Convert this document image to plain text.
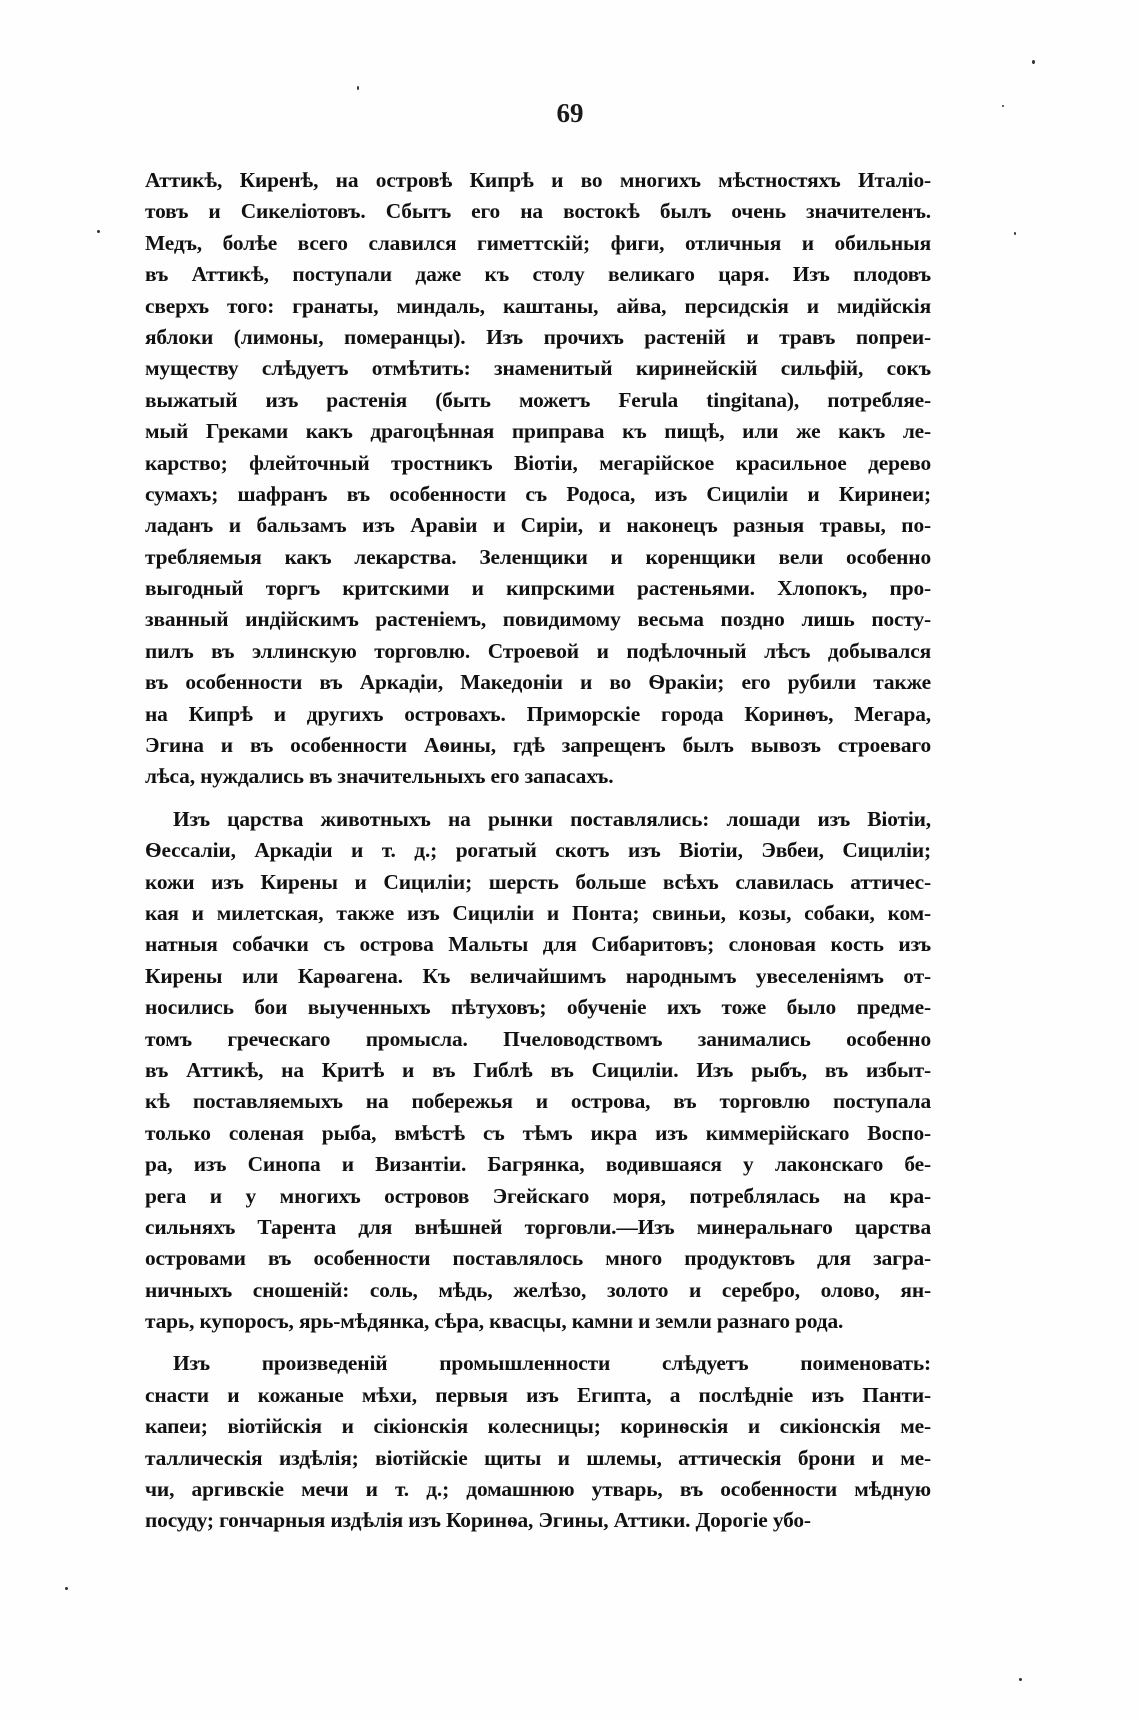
69
Аттикѣ, Киренѣ, на островѣ Кипрѣ и во многихъ мѣстностяхъ Италіо-
товъ и Сикеліотовъ. Сбытъ его на востокѣ былъ очень значителенъ.
Медъ, болѣе всего славился гиметтскій; фиги, отличныя и обильныя
въ Аттикѣ, поступали даже къ столу великаго царя. Изъ плодовъ
сверхъ того: гранаты, миндаль, каштаны, айва, персидскія и мидійскія
яблоки (лимоны, померанцы). Изъ прочихъ растеній и травъ попреи-
муществу слѣдуетъ отмѣтить: знаменитый киринейскій сильфій, сокъ
выжатый изъ растенія (быть можетъ Ferula tingitana), потребляе-
мый Греками какъ драгоцѣнная приправа къ пищѣ, или же какъ ле-
карство; флейточный тростникъ Віотіи, мегарійское красильное дерево
сумахъ; шафранъ въ особенности съ Родоса, изъ Сициліи и Киринеи;
ладанъ и бальзамъ изъ Аравіи и Сиріи, и наконецъ разныя травы, по-
требляемыя какъ лекарства. Зеленщики и коренщики вели особенно
выгодный торгъ критскими и кипрскими растеньями. Хлопокъ, про-
званный индійскимъ растеніемъ, повидимому весьма поздно лишь посту-
пилъ въ эллинскую торговлю. Строевой и подѣлочный лѣсъ добывался
въ особенности въ Аркадіи, Македоніи и во Ѳракіи; его рубили также
на Кипрѣ и другихъ островахъ. Приморскіе города Коринѳъ, Мегара,
Эгина и въ особенности Аѳины, гдѣ запрещенъ былъ вывозъ строеваго
лѣса, нуждались въ значительныхъ его запасахъ.
Изъ царства животныхъ на рынки поставлялись: лошади изъ Віотіи,
Ѳессаліи, Аркадіи и т. д.; рогатый скотъ изъ Віотіи, Эвбеи, Сициліи;
кожи изъ Кирены и Сициліи; шерсть больше всѣхъ славилась аттичес-
кая и милетская, также изъ Сициліи и Понта; свиньи, козы, собаки, ком-
натныя собачки съ острова Мальты для Сибаритовъ; слоновая кость изъ
Кирены или Карѳагена. Къ величайшимъ народнымъ увеселеніямъ от-
носились бои выученныхъ пѣтуховъ; обученіе ихъ тоже было предме-
томъ греческаго промысла. Пчеловодствомъ занимались особенно
въ Аттикѣ, на Критѣ и въ Гиблѣ въ Сициліи. Изъ рыбъ, въ избыт-
кѣ поставляемыхъ на побережья и острова, въ торговлю поступала
только соленая рыба, вмѣстѣ съ тѣмъ икра изъ киммерійскаго Воспо-
ра, изъ Синопа и Византіи. Багрянка, водившаяся у лаконскаго бе-
рега и у многихъ островов Эгейскаго моря, потреблялась на кра-
сильняхъ Тарента для внѣшней торговли.—Изъ минеральнаго царства
островами въ особенности поставлялось много продуктовъ для загра-
ничныхъ сношеній: соль, мѣдь, желѣзо, золото и серебро, олово, ян-
тарь, купоросъ, ярь-мѣдянка, сѣра, квасцы, камни и земли разнаго рода.
Изъ произведеній промышленности слѣдуетъ поименовать:
снасти и кожаные мѣхи, первыя изъ Египта, а послѣдніе изъ Панти-
капеи; віотійскія и сікіонскія колесницы; коринѳскія и сикіонскія ме-
таллическія издѣлія; віотійскіе щиты и шлемы, аттическія брони и ме-
чи, аргивскіе мечи и т. д.; домашнюю утварь, въ особенности мѣдную
посуду; гончарныя издѣлія изъ Коринѳа, Эгины, Аттики. Дорогіе убо-
